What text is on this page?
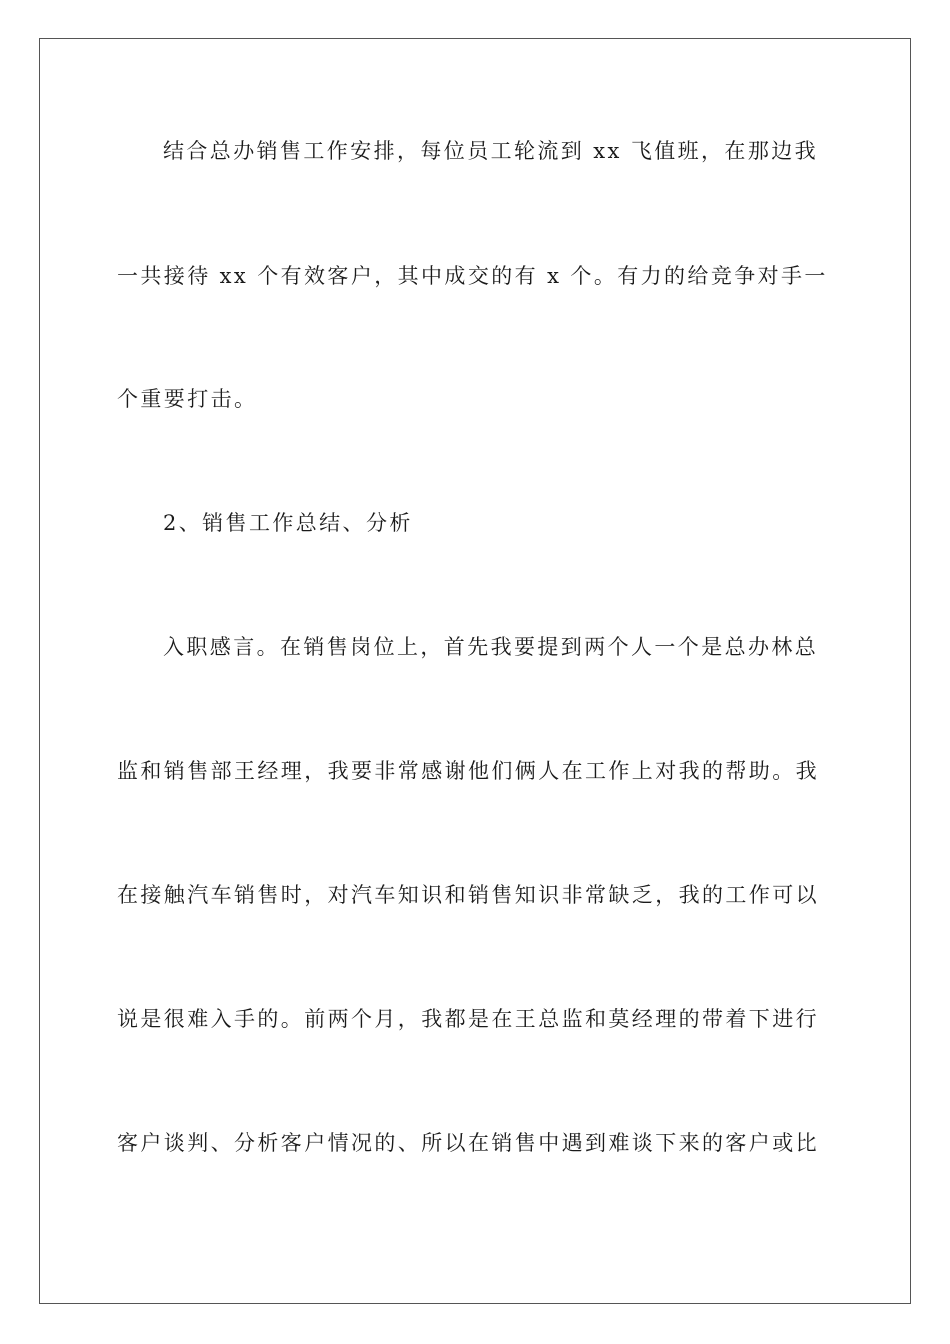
结合总办销售工作安排，每位员工轮流到 xx 飞值班，在那边我
一共接待 xx 个有效客户，其中成交的有 x 个。有力的给竞争对手一
个重要打击。
2、销售工作总结、分析
入职感言。在销售岗位上，首先我要提到两个人一个是总办林总
监和销售部王经理，我要非常感谢他们俩人在工作上对我的帮助。我
在接触汽车销售时，对汽车知识和销售知识非常缺乏，我的工作可以
说是很难入手的。前两个月，我都是在王总监和莫经理的带着下进行
客户谈判、分析客户情况的、所以在销售中遇到难谈下来的客户或比
